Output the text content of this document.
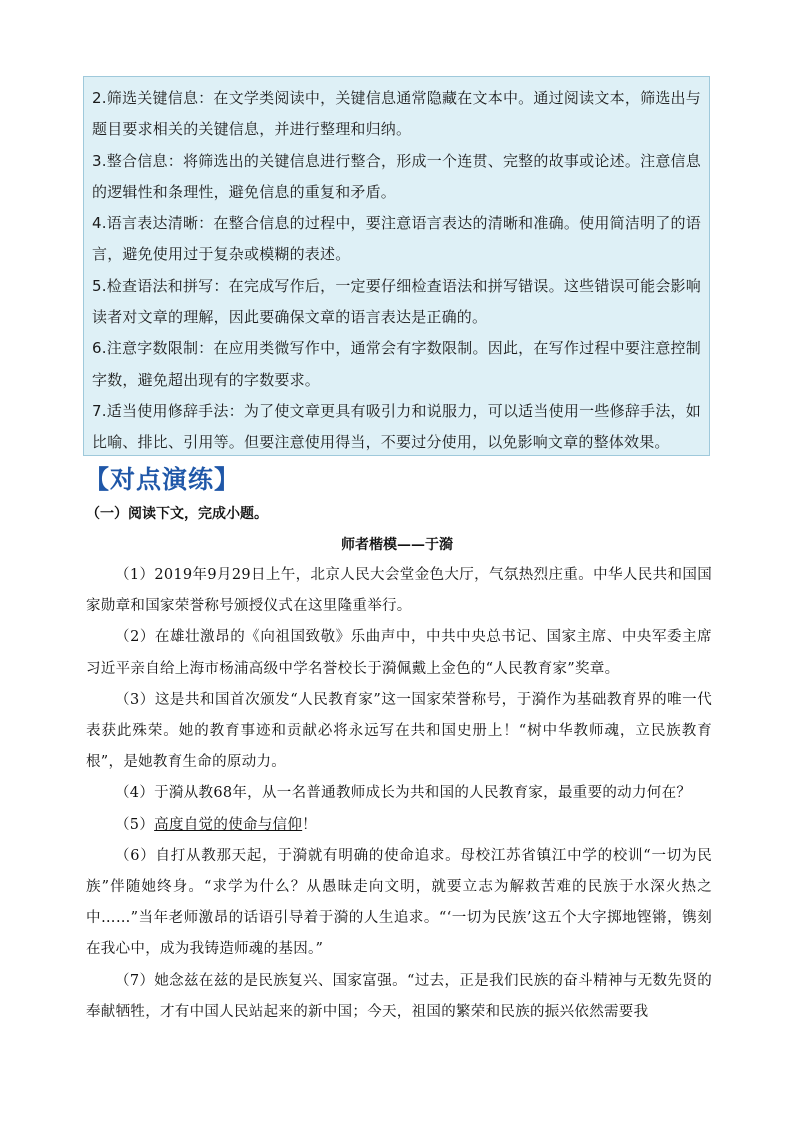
2.筛选关键信息：在文学类阅读中，关键信息通常隐藏在文本中。通过阅读文本，筛选出与题目要求相关的关键信息，并进行整理和归纳。

3.整合信息：将筛选出的关键信息进行整合，形成一个连贯、完整的故事或论述。注意信息的逻辑性和条理性，避免信息的重复和矛盾。

4.语言表达清晰：在整合信息的过程中，要注意语言表达的清晰和准确。使用简洁明了的语言，避免使用过于复杂或模糊的表述。

5.检查语法和拼写：在完成写作后，一定要仔细检查语法和拼写错误。这些错误可能会影响读者对文章的理解，因此要确保文章的语言表达是正确的。

6.注意字数限制：在应用类微写作中，通常会有字数限制。因此，在写作过程中要注意控制字数，避免超出现有的字数要求。

7.适当使用修辞手法：为了使文章更具有吸引力和说服力，可以适当使用一些修辞手法，如比喻、排比、引用等。但要注意使用得当，不要过分使用，以免影响文章的整体效果。

【对点演练】
（一）阅读下文，完成小题。
师者楷模——于漪

（1）2019年9月29日上午，北京人民大会堂金色大厅，气氛热烈庄重。中华人民共和国国家勋章和国家荣誉称号颁授仪式在这里隆重举行。

（2）在雄壮激昂的《向祖国致敬》乐曲声中，中共中央总书记、国家主席、中央军委主席习近平亲自给上海市杨浦高级中学名誉校长于漪佩戴上金色的“人民教育家”奖章。

（3）这是共和国首次颁发“人民教育家”这一国家荣誉称号，于漪作为基础教育界的唯一代表获此殊荣。她的教育事迹和贡献必将永远写在共和国史册上！“树中华教师魂，立民族教育根”，是她教育生命的原动力。

（4）于漪从教68年，从一名普通教师成长为共和国的人民教育家，最重要的动力何在？

（5）高度自觉的使命与信仰！

（6）自打从教那天起，于漪就有明确的使命追求。母校江苏省镇江中学的校训“一切为民族”伴随她终身。“求学为什么？从愚昧走向文明，就要立志为解救苦难的民族于水深火热之中……”当年老师激昂的话语引导着于漪的人生追求。“‘一切为民族’这五个大字掷地铿锵，镌刻在我心中，成为我铸造师魂的基因。”

（7）她念兹在兹的是民族复兴、国家富强。“过去，正是我们民族的奋斗精神与无数先贤的奉献牺牲，才有中国人民站起来的新中国；今天，祖国的繁荣和民族的振兴依然需要我
